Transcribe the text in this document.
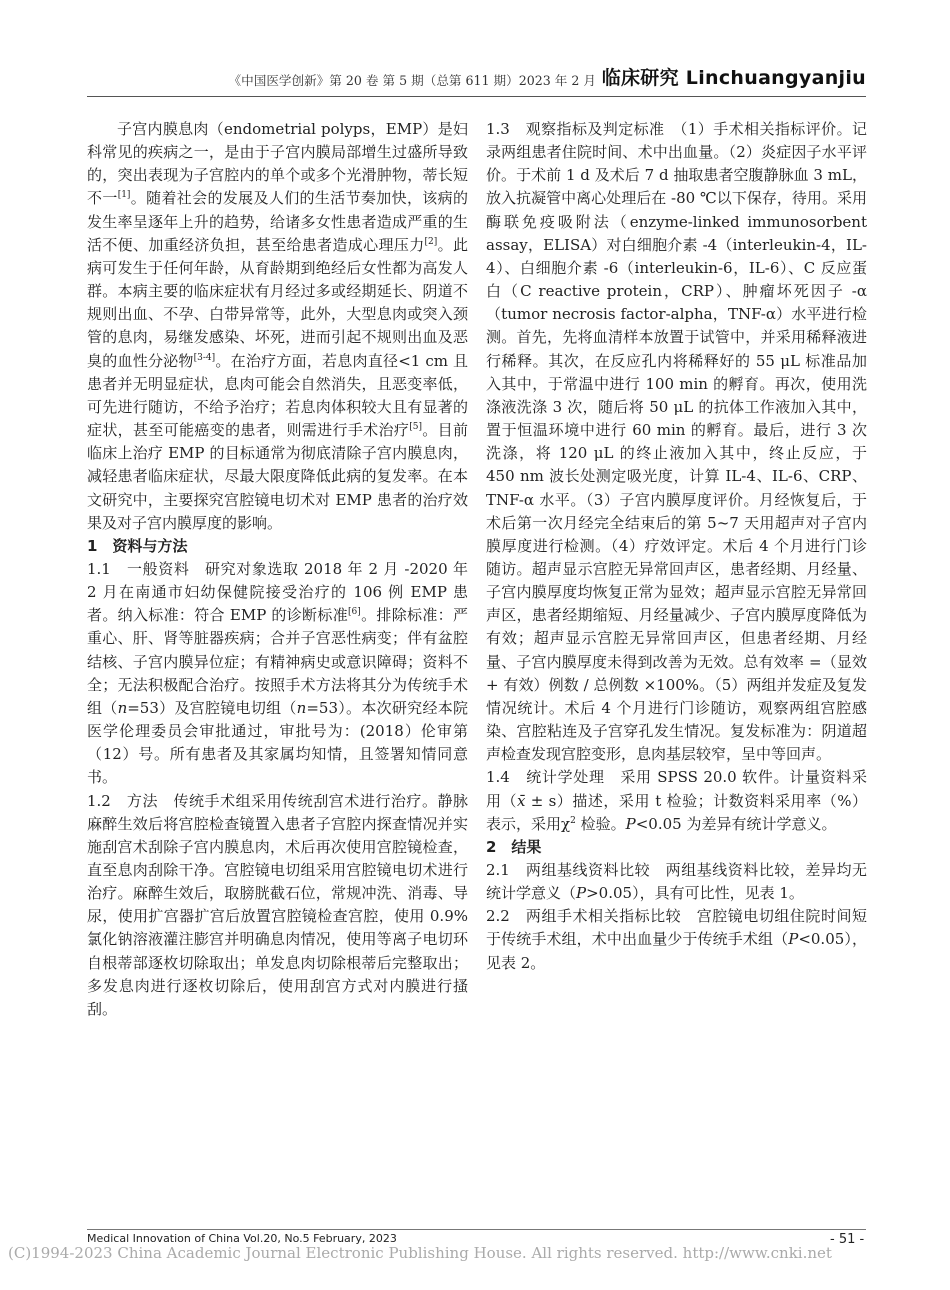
《中国医学创新》第 20 卷 第 5 期（总第 611 期）2023 年 2 月 临床研究 Linchuangyanjiu

子宫内膜息肉（endometrial polyps，EMP）是妇科常见的疾病之一，是由于子宫内膜局部增生过盛所导致的，突出表现为子宫腔内的单个或多个光滑肿物，蒂长短不一[1]。随着社会的发展及人们的生活节奏加快，该病的发生率呈逐年上升的趋势，给诸多女性患者造成严重的生活不便、加重经济负担，甚至给患者造成心理压力[2]。此病可发生于任何年龄，从育龄期到绝经后女性都为高发人群。本病主要的临床症状有月经过多或经期延长、阴道不规则出血、不孕、白带异常等，此外，大型息肉或突入颈管的息肉，易继发感染、坏死，进而引起不规则出血及恶臭的血性分泌物[3-4]。在治疗方面，若息肉直径<1 cm 且患者并无明显症状，息肉可能会自然消失，且恶变率低，可先进行随访，不给予治疗；若息肉体积较大且有显著的症状，甚至可能癌变的患者，则需进行手术治疗[5]。目前临床上治疗 EMP 的目标通常为彻底清除子宫内膜息肉，减轻患者临床症状，尽最大限度降低此病的复发率。在本文研究中，主要探究宫腔镜电切术对 EMP 患者的治疗效果及对子宫内膜厚度的影响。

1　资料与方法

1.1　一般资料　研究对象选取 2018 年 2 月 -2020 年 2 月在南通市妇幼保健院接受治疗的 106 例 EMP 患者。纳入标准：符合 EMP 的诊断标准[6]。排除标准：严重心、肝、肾等脏器疾病；合并子宫恶性病变；伴有盆腔结核、子宫内膜异位症；有精神病史或意识障碍；资料不全；无法积极配合治疗。按照手术方法将其分为传统手术组（n=53）及宫腔镜电切组（n=53）。本次研究经本院医学伦理委员会审批通过，审批号为：(2018）伦审第（12）号。所有患者及其家属均知情，且签署知情同意书。

1.2　方法　传统手术组采用传统刮宫术进行治疗。静脉麻醉生效后将宫腔检查镜置入患者子宫腔内探查情况并实施刮宫术刮除子宫内膜息肉，术后再次使用宫腔镜检查，直至息肉刮除干净。宫腔镜电切组采用宫腔镜电切术进行治疗。麻醉生效后，取膀胱截石位，常规冲洗、消毒、导尿，使用扩宫器扩宫后放置宫腔镜检查宫腔，使用 0.9% 氯化钠溶液灌注膨宫并明确息肉情况，使用等离子电切环自根蒂部逐枚切除取出；单发息肉切除根蒂后完整取出；多发息肉进行逐枚切除后，使用刮宫方式对内膜进行搔刮。

1.3　观察指标及判定标准　（1）手术相关指标评价。记录两组患者住院时间、术中出血量。（2）炎症因子水平评价。于术前 1 d 及术后 7 d 抽取患者空腹静脉血 3 mL，放入抗凝管中离心处理后在 -80 ℃以下保存，待用。采用酶联免疫吸附法（enzyme-linked immunosorbent assay，ELISA）对白细胞介素 -4（interleukin-4，IL-4）、白细胞介素 -6（interleukin-6，IL-6）、C 反应蛋白（C reactive protein，CRP）、肿瘤坏死因子 -α（tumor necrosis factor-alpha，TNF-α）水平进行检测。首先，先将血清样本放置于试管中，并采用稀释液进行稀释。其次，在反应孔内将稀释好的 55 μL 标准品加入其中，于常温中进行 100 min 的孵育。再次，使用洗涤液洗涤 3 次，随后将 50 μL 的抗体工作液加入其中，置于恒温环境中进行 60 min 的孵育。最后，进行 3 次洗涤，将 120 μL 的终止液加入其中，终止反应，于 450 nm 波长处测定吸光度，计算 IL-4、IL-6、CRP、TNF-α 水平。（3）子宫内膜厚度评价。月经恢复后，于术后第一次月经完全结束后的第 5~7 天用超声对子宫内膜厚度进行检测。（4）疗效评定。术后 4 个月进行门诊随访。超声显示宫腔无异常回声区，患者经期、月经量、子宫内膜厚度均恢复正常为显效；超声显示宫腔无异常回声区，患者经期缩短、月经量减少、子宫内膜厚度降低为有效；超声显示宫腔无异常回声区，但患者经期、月经量、子宫内膜厚度未得到改善为无效。总有效率 =（显效 + 有效）例数 / 总例数 ×100%。（5）两组并发症及复发情况统计。术后 4 个月进行门诊随访，观察两组宫腔感染、宫腔粘连及子宫穿孔发生情况。复发标准为：阴道超声检查发现宫腔变形，息肉基层较窄，呈中等回声。

1.4　统计学处理　采用 SPSS 20.0 软件。计量资料采用（x̄ ± s）描述，采用 t 检验；计数资料采用率（%）表示，采用$\chi^2$ 检验。P<0.05 为差异有统计学意义。

2　结果

2.1　两组基线资料比较　两组基线资料比较，差异均无统计学意义（P>0.05），具有可比性，见表 1。

2.2　两组手术相关指标比较　宫腔镜电切组住院时间短于传统手术组，术中出血量少于传统手术组（P<0.05），见表 2。

Medical Innovation of China Vol.20, No.5 February, 2023	- 51 -
(C)1994-2023 China Academic Journal Electronic Publishing House. All rights reserved. http://www.cnki.net
